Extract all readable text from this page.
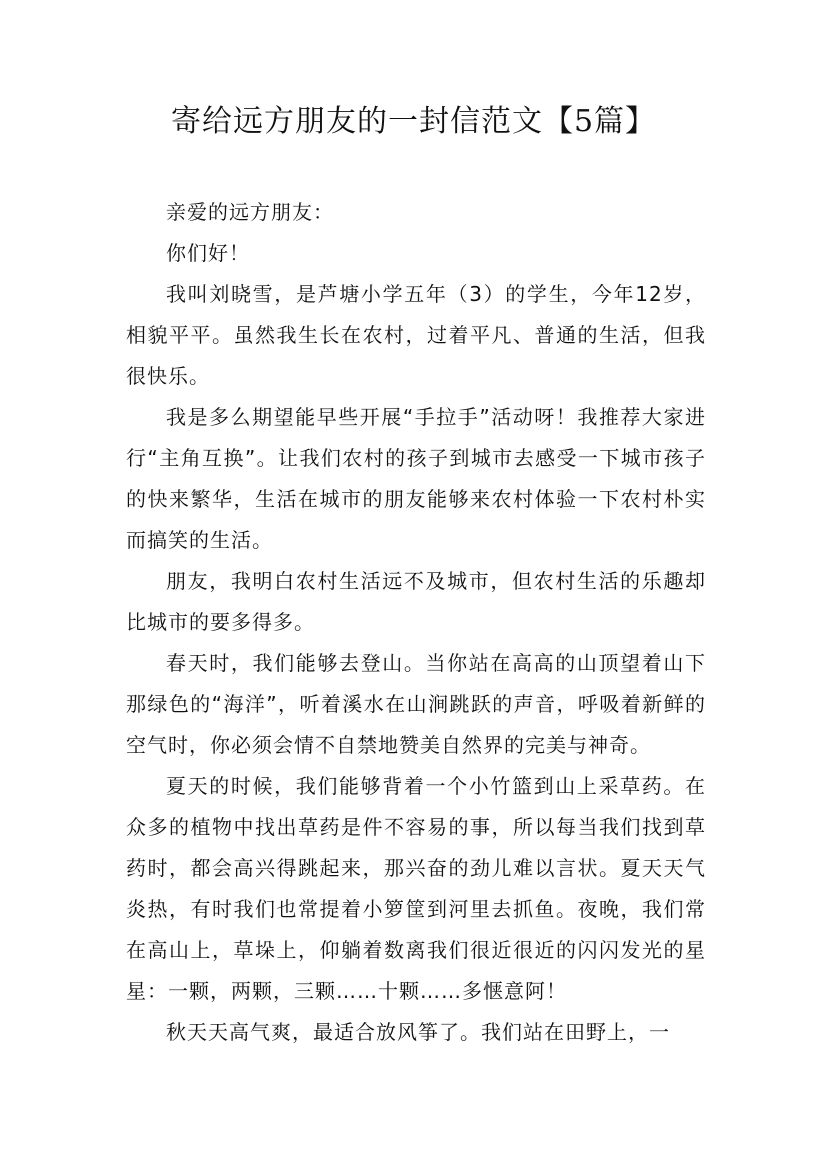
寄给远方朋友的一封信范文【5篇】

亲爱的远方朋友：

你们好！

我叫刘晓雪，是芦塘小学五年（3）的学生，今年12岁，相貌平平。虽然我生长在农村，过着平凡、普通的生活，但我很快乐。

我是多么期望能早些开展“手拉手”活动呀！我推荐大家进行“主角互换”。让我们农村的孩子到城市去感受一下城市孩子的快来繁华，生活在城市的朋友能够来农村体验一下农村朴实而搞笑的生活。

朋友，我明白农村生活远不及城市，但农村生活的乐趣却比城市的要多得多。

春天时，我们能够去登山。当你站在高高的山顶望着山下那绿色的“海洋”，听着溪水在山涧跳跃的声音，呼吸着新鲜的空气时，你必须会情不自禁地赞美自然界的完美与神奇。

夏天的时候，我们能够背着一个小竹篮到山上采草药。在众多的植物中找出草药是件不容易的事，所以每当我们找到草药时，都会高兴得跳起来，那兴奋的劲儿难以言状。夏天天气炎热，有时我们也常提着小箩筐到河里去抓鱼。夜晚，我们常在高山上，草垛上，仰躺着数离我们很近很近的闪闪发光的星星：一颗，两颗，三颗……十颗……多惬意阿！

秋天天高气爽，最适合放风筝了。我们站在田野上，一
